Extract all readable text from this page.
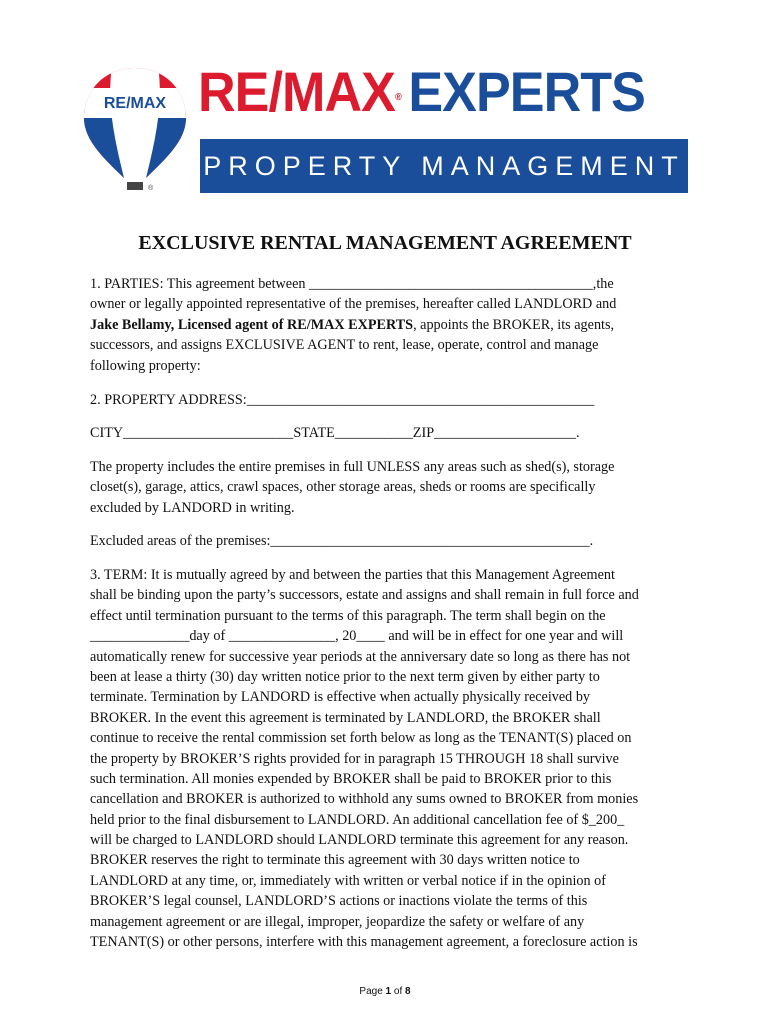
RE/MAX
®
RE/MAX® EXPERTS
PROPERTY MANAGEMENT
EXCLUSIVE RENTAL MANAGEMENT AGREEMENT
1. PARTIES: This agreement between ________________________________________,the
owner or legally appointed representative of the premises, hereafter called LANDLORD and
Jake Bellamy, Licensed agent of RE/MAX EXPERTS, appoints the BROKER, its agents,
successors, and assigns EXCLUSIVE AGENT to rent, lease, operate, control and manage
following property:
2. PROPERTY ADDRESS:_________________________________________________
CITY________________________STATE___________ZIP____________________.
The property includes the entire premises in full UNLESS any areas such as shed(s), storage
closet(s), garage, attics, crawl spaces, other storage areas, sheds or rooms are specifically
excluded by LANDORD in writing.
Excluded areas of the premises:_____________________________________________.
3. TERM: It is mutually agreed by and between the parties that this Management Agreement
shall be binding upon the party’s successors, estate and assigns and shall remain in full force and
effect until termination pursuant to the terms of this paragraph. The term shall begin on the
______________day of _______________, 20____ and will be in effect for one year and will
automatically renew for successive year periods at the anniversary date so long as there has not
been at lease a thirty (30) day written notice prior to the next term given by either party to
terminate. Termination by LANDORD is effective when actually physically received by
BROKER. In the event this agreement is terminated by LANDLORD, the BROKER shall
continue to receive the rental commission set forth below as long as the TENANT(S) placed on
the property by BROKER’S rights provided for in paragraph 15 THROUGH 18 shall survive
such termination. All monies expended by BROKER shall be paid to BROKER prior to this
cancellation and BROKER is authorized to withhold any sums owned to BROKER from monies
held prior to the final disbursement to LANDLORD. An additional cancellation fee of $_200_
will be charged to LANDLORD should LANDLORD terminate this agreement for any reason.
BROKER reserves the right to terminate this agreement with 30 days written notice to
LANDLORD at any time, or, immediately with written or verbal notice if in the opinion of
BROKER’S legal counsel, LANDLORD’S actions or inactions violate the terms of this
management agreement or are illegal, improper, jeopardize the safety or welfare of any
TENANT(S) or other persons, interfere with this management agreement, a foreclosure action is
Page 1 of 8
